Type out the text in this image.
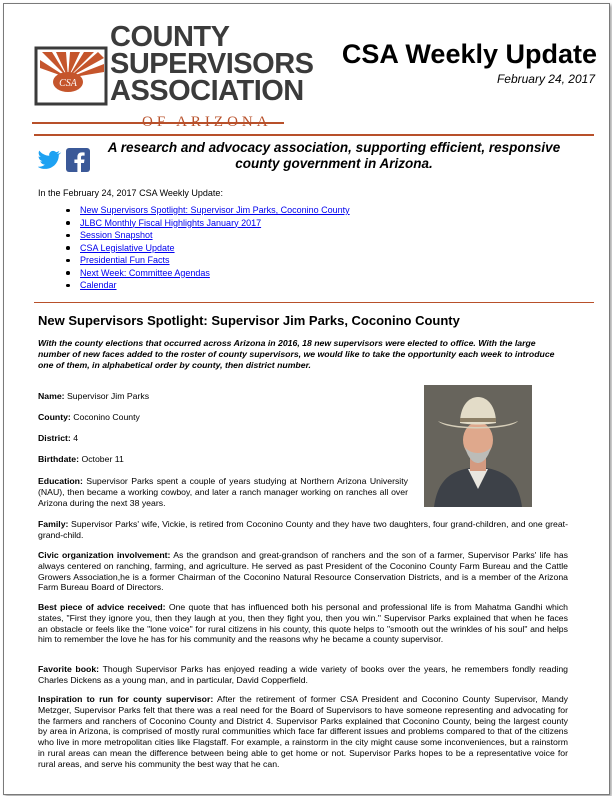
CSA
COUNTY
SUPERVISORS
ASSOCIATION
OF ARIZONA
CSA Weekly Update
February 24, 2017
A research and advocacy association, supporting efficient, responsive county government in Arizona.
In the February 24, 2017 CSA Weekly Update:
New Supervisors Spotlight: Supervisor Jim Parks, Coconino County
JLBC Monthly Fiscal Highlights January 2017
Session Snapshot
CSA Legislative Update
Presidential Fun Facts
Next Week: Committee Agendas
Calendar
New Supervisors Spotlight: Supervisor Jim Parks, Coconino County
With the county elections that occurred across Arizona in 2016, 18 new supervisors were elected to office. With the large number of new faces added to the roster of county supervisors, we would like to take the opportunity each week to introduce one of them, in alphabetical order by county, then district number.
Name: Supervisor Jim Parks
County: Coconino County
District: 4
Birthdate: October 11
Education: Supervisor Parks spent a couple of years studying at Northern Arizona University (NAU), then became a working cowboy, and later a ranch manager working on ranches all over Arizona during the next 38 years.
Family: Supervisor Parks' wife, Vickie, is retired from Coconino County and they have two daughters, four grand-children, and one great-grand-child.
Civic organization involvement: As the grandson and great-grandson of ranchers and the son of a farmer, Supervisor Parks' life has always centered on ranching, farming, and agriculture. He served as past President of the Coconino County Farm Bureau and the Cattle Growers Association,he is a former Chairman of the Coconino Natural Resource Conservation Districts, and is a member of the Arizona Farm Bureau Board of Directors.
Best piece of advice received: One quote that has influenced both his personal and professional life is from Mahatma Gandhi which states, "First they ignore you, then they laugh at you, then they fight you, then you win." Supervisor Parks explained that when he faces an obstacle or feels like the "lone voice" for rural citizens in his county, this quote helps to "smooth out the wrinkles of his soul" and helps him to remember the love he has for his community and the reasons why he became a county supervisor.
Favorite book: Though Supervisor Parks has enjoyed reading a wide variety of books over the years, he remembers fondly reading Charles Dickens as a young man, and in particular, David Copperfield.
Inspiration to run for county supervisor: After the retirement of former CSA President and Coconino County Supervisor, Mandy Metzger, Supervisor Parks felt that there was a real need for the Board of Supervisors to have someone representing and advocating for the farmers and ranchers of Coconino County and District 4. Supervisor Parks explained that Coconino County, being the largest county by area in Arizona, is comprised of mostly rural communities which face far different issues and problems compared to that of the citizens who live in more metropolitan cities like Flagstaff. For example, a rainstorm in the city might cause some inconveniences, but a rainstorm in rural areas can mean the difference between being able to get home or not. Supervisor Parks hopes to be a representative voice for rural areas, and serve his community the best way that he can.
